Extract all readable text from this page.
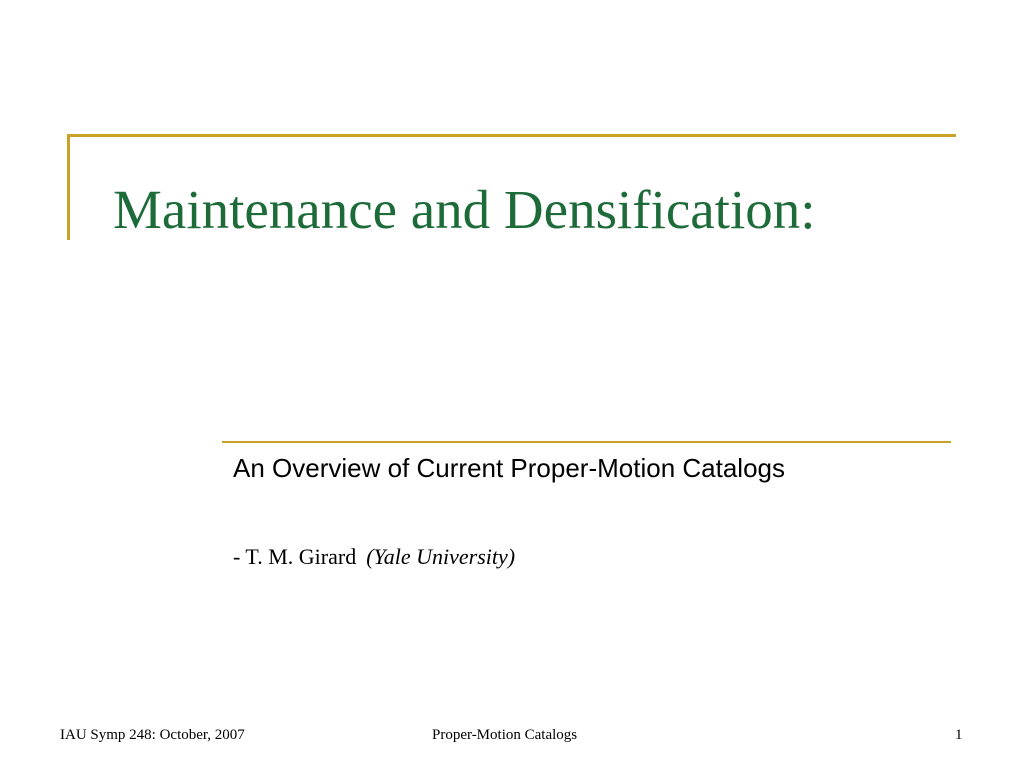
Maintenance and Densification:
An Overview of Current Proper-Motion Catalogs
- T. M. Girard (Yale University)
IAU Symp 248: October, 2007	Proper-Motion Catalogs	1
